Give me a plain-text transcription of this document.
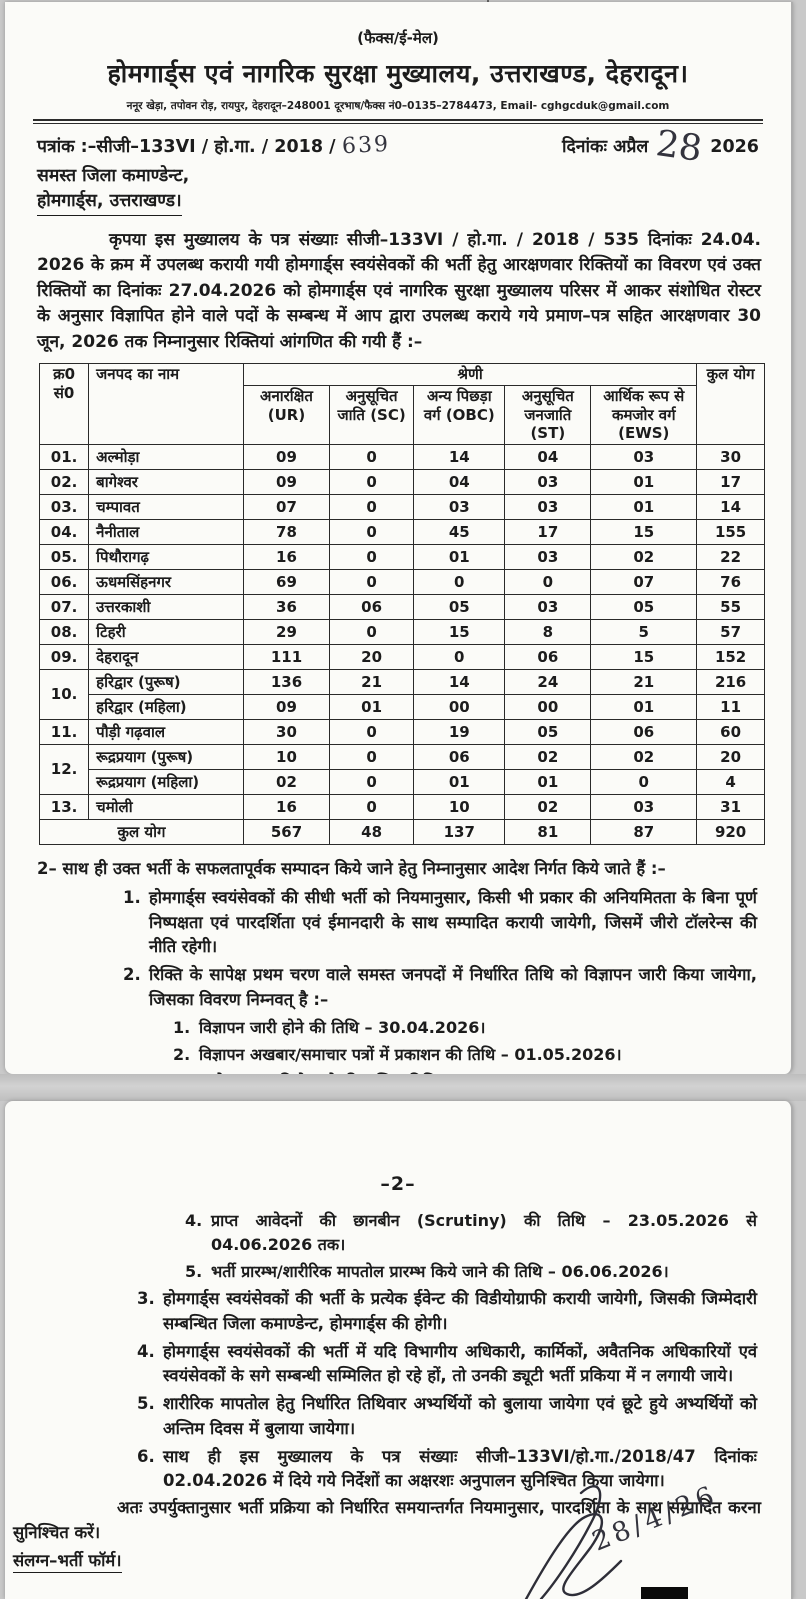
(फैक्स/ई-मेल)
होमगार्ड्स एवं नागरिक सुरक्षा मुख्यालय, उत्तराखण्ड, देहरादून।
ननूर खेड़ा, तपोवन रोड़, रायपुर, देहरादून–248001 दूरभाष/फैक्स नं0–0135–2784473, Email- cghgcduk@gmail.com
पत्रांक :–सीजी–133VI / हो.गा. / 2018 / 639	दिनांकः अप्रैल 28 2026
समस्त जिला कमाण्डेन्ट,
होमगार्ड्स, उत्तराखण्ड।
कृपया इस मुख्यालय के पत्र संख्याः सीजी–133VI / हो.गा. / 2018 / 535 दिनांकः 24.04. 2026 के क्रम में उपलब्ध करायी गयी होमगार्ड्स स्वयंसेवकों की भर्ती हेतु आरक्षणवार रिक्तियों का विवरण एवं उक्त रिक्तियों का दिनांकः 27.04.2026 को होमगार्ड्स एवं नागरिक सुरक्षा मुख्यालय परिसर में आकर संशोधित रोस्टर के अनुसार विज्ञापित होने वाले पदों के सम्बन्ध में आप द्वारा उपलब्ध कराये गये प्रमाण–पत्र सहित आरक्षणवार 30 जून, 2026 तक निम्नानुसार रिक्तियां आंगणित की गयी हैं :–
क्र0 सं0	जनपद का नाम	श्रेणी					कुल योग
		अनारक्षित (UR)	अनुसूचित जाति (SC)	अन्य पिछड़ा वर्ग (OBC)	अनुसूचित जनजाति (ST)	आर्थिक रूप से कमजोर वर्ग (EWS)	
01.	अल्मोड़ा	09	0	14	04	03	30
02.	बागेश्वर	09	0	04	03	01	17
03.	चम्पावत	07	0	03	03	01	14
04.	नैनीताल	78	0	45	17	15	155
05.	पिथौरागढ़	16	0	01	03	02	22
06.	ऊधमसिंहनगर	69	0	0	0	07	76
07.	उत्तरकाशी	36	06	05	03	05	55
08.	टिहरी	29	0	15	8	5	57
09.	देहरादून	111	20	0	06	15	152
10.	हरिद्वार (पुरूष)	136	21	14	24	21	216
	हरिद्वार (महिला)	09	01	00	00	01	11
11.	पौड़ी गढ़वाल	30	0	19	05	06	60
12.	रूद्रप्रयाग (पुरूष)	10	0	06	02	02	20
	रूद्रप्रयाग (महिला)	02	0	01	01	0	4
13.	चमोली	16	0	10	02	03	31
कुल योग		567	48	137	81	87	920
2– साथ ही उक्त भर्ती के सफलतापूर्वक सम्पादन किये जाने हेतु निम्नानुसार आदेश निर्गत किये जाते हैं :–
1. होमगार्ड्स स्वयंसेवकों की सीधी भर्ती को नियमानुसार, किसी भी प्रकार की अनियमितता के बिना पूर्ण निष्पक्षता एवं पारदर्शिता एवं ईमानदारी के साथ सम्पादित करायी जायेगी, जिसमें जीरो टॉलरेन्स की नीति रहेगी।
2. रिक्ति के सापेक्ष प्रथम चरण वाले समस्त जनपदों में निर्धारित तिथि को विज्ञापन जारी किया जायेगा, जिसका विवरण निम्नवत् है :–
1. विज्ञापन जारी होने की तिथि – 30.04.2026।
2. विज्ञापन अखबार/समाचार पत्रों में प्रकाशन की तिथि – 01.05.2026।
–2–
4. प्राप्त आवेदनों की छानबीन (Scrutiny) की तिथि – 23.05.2026 से 04.06.2026 तक।
5. भर्ती प्रारम्भ/शारीरिक मापतोल प्रारम्भ किये जाने की तिथि – 06.06.2026।
3. होमगार्ड्स स्वयंसेवकों की भर्ती के प्रत्येक ईवेन्ट की विडीयोग्राफी करायी जायेगी, जिसकी जिम्मेदारी सम्बन्धित जिला कमाण्डेन्ट, होमगार्ड्स की होगी।
4. होमगार्ड्स स्वयंसेवकों की भर्ती में यदि विभागीय अधिकारी, कार्मिकों, अवैतनिक अधिकारियों एवं स्वयंसेवकों के सगे सम्बन्धी सम्मिलित हो रहे हों, तो उनकी ड्यूटी भर्ती प्रकिया में न लगायी जाये।
5. शारीरिक मापतोल हेतु निर्धारित तिथिवार अभ्यर्थियों को बुलाया जायेगा एवं छूटे हुये अभ्यर्थियों को अन्तिम दिवस में बुलाया जायेगा।
6. साथ ही इस मुख्यालय के पत्र संख्याः सीजी–133VI/हो.गा./2018/47 दिनांकः 02.04.2026 में दिये गये निर्देशों का अक्षरशः अनुपालन सुनिश्चित किया जायेगा।
अतः उपर्युक्तानुसार भर्ती प्रक्रिया को निर्धारित समयान्तर्गत नियमानुसार, पारदर्शिता के साथ सम्पादित करना सुनिश्चित करें।
संलग्न–भर्ती फॉर्म।
28/4/26
